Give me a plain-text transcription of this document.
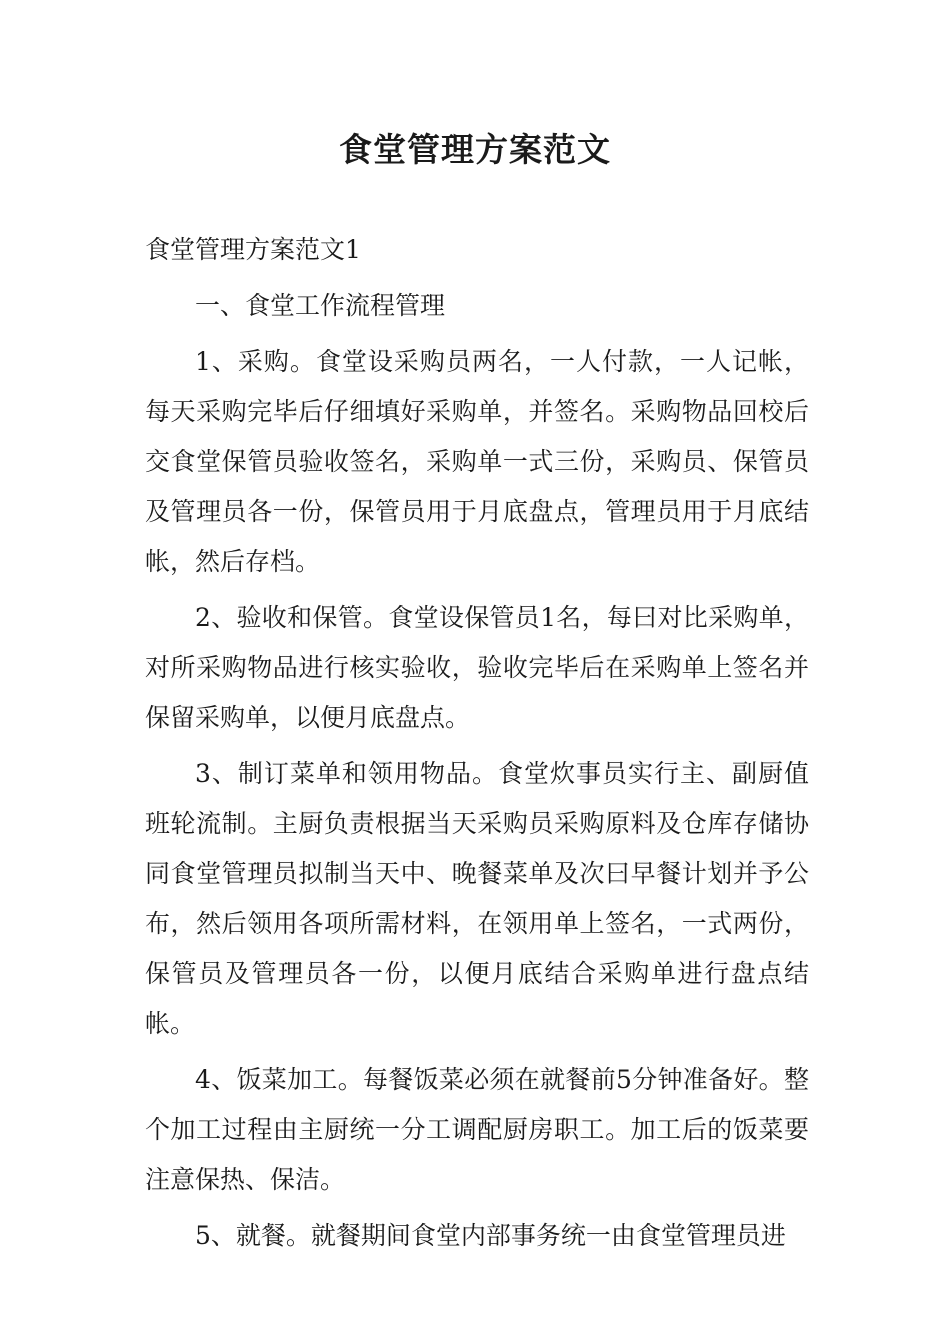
食堂管理方案范文

食堂管理方案范文1

一、食堂工作流程管理

1、采购。食堂设采购员两名，一人付款，一人记帐，每天采购完毕后仔细填好采购单，并签名。采购物品回校后交食堂保管员验收签名，采购单一式三份，采购员、保管员及管理员各一份，保管员用于月底盘点，管理员用于月底结帐，然后存档。

2、验收和保管。食堂设保管员1名，每曰对比采购单，对所采购物品进行核实验收，验收完毕后在采购单上签名并保留采购单，以便月底盘点。

3、制订菜单和领用物品。食堂炊事员实行主、副厨值班轮流制。主厨负责根据当天采购员采购原料及仓库存储协同食堂管理员拟制当天中、晚餐菜单及次曰早餐计划并予公布，然后领用各项所需材料，在领用单上签名，一式两份，保管员及管理员各一份，以便月底结合采购单进行盘点结帐。

4、饭菜加工。每餐饭菜必须在就餐前5分钟准备好。整个加工过程由主厨统一分工调配厨房职工。加工后的饭菜要注意保热、保洁。

5、就餐。就餐期间食堂内部事务统一由食堂管理员进
